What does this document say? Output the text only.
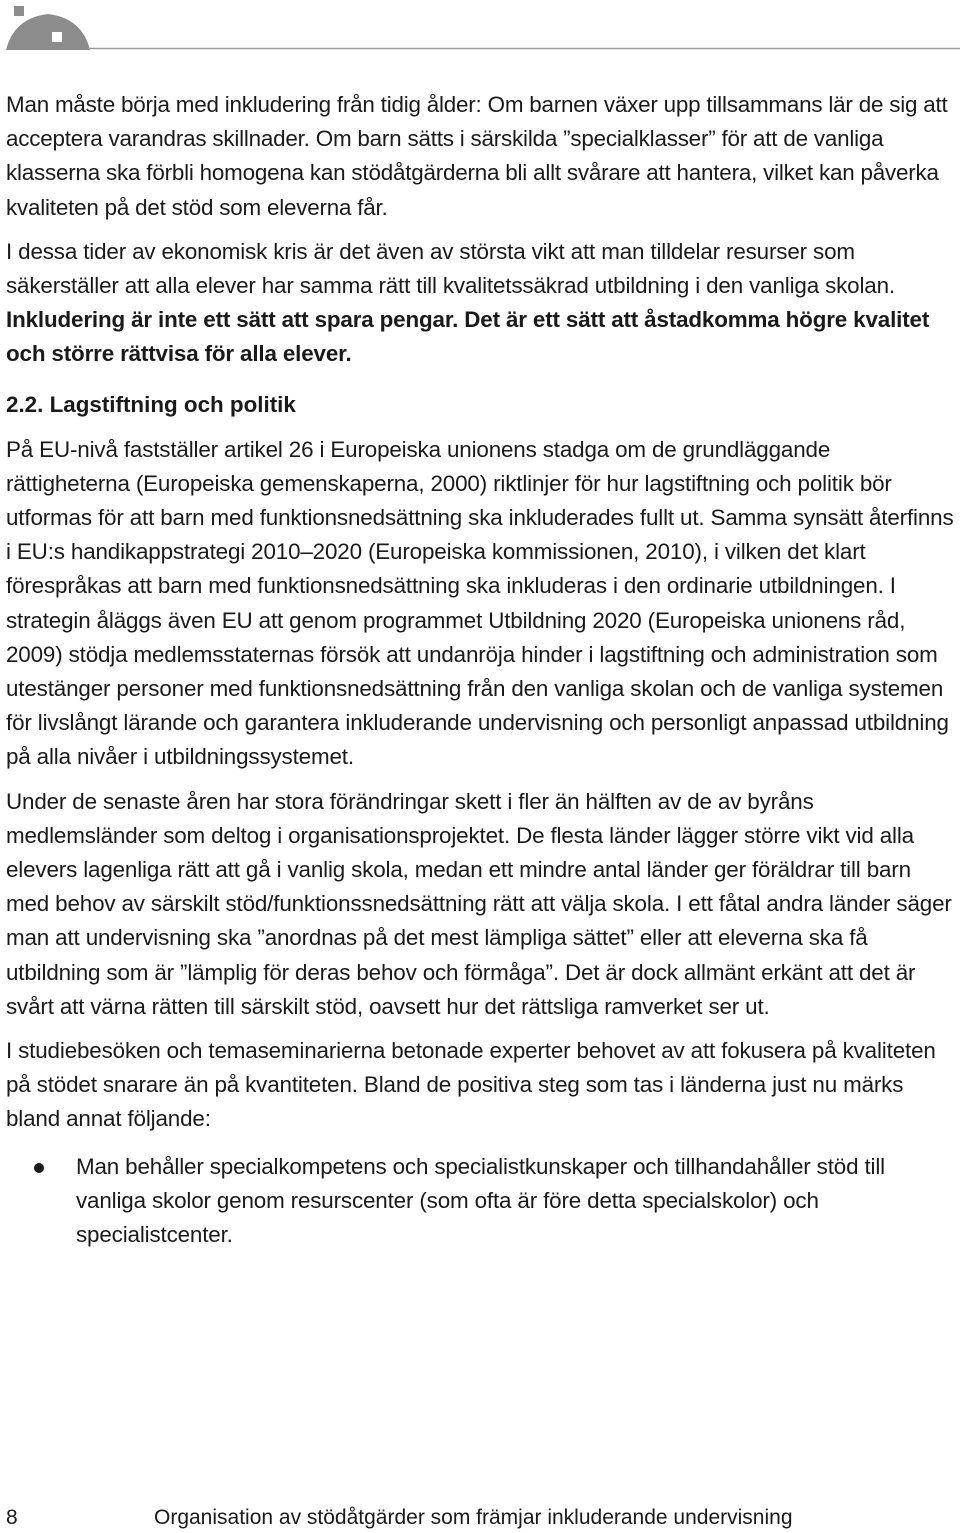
Man måste börja med inkludering från tidig ålder: Om barnen växer upp tillsammans lär de sig att acceptera varandras skillnader. Om barn sätts i särskilda ”specialklasser” för att de vanliga klasserna ska förbli homogena kan stödåtgärderna bli allt svårare att hantera, vilket kan påverka kvaliteten på det stöd som eleverna får.

I dessa tider av ekonomisk kris är det även av största vikt att man tilldelar resurser som säkerställer att alla elever har samma rätt till kvalitetssäkrad utbildning i den vanliga skolan. Inkludering är inte ett sätt att spara pengar. Det är ett sätt att åstadkomma högre kvalitet och större rättvisa för alla elever.

2.2. Lagstiftning och politik

På EU-nivå fastställer artikel 26 i Europeiska unionens stadga om de grundläggande rättigheterna (Europeiska gemenskaperna, 2000) riktlinjer för hur lagstiftning och politik bör utformas för att barn med funktionsnedsättning ska inkluderades fullt ut. Samma synsätt återfinns i EU:s handikappstrategi 2010–2020 (Europeiska kommissionen, 2010), i vilken det klart förespråkas att barn med funktionsnedsättning ska inkluderas i den ordinarie utbildningen. I strategin åläggs även EU att genom programmet Utbildning 2020 (Europeiska unionens råd, 2009) stödja medlemsstaternas försök att undanröja hinder i lagstiftning och administration som utestänger personer med funktionsnedsättning från den vanliga skolan och de vanliga systemen för livslångt lärande och garantera inkluderande undervisning och personligt anpassad utbildning på alla nivåer i utbildningssystemet.

Under de senaste åren har stora förändringar skett i fler än hälften av de av byråns medlemsländer som deltog i organisationsprojektet. De flesta länder lägger större vikt vid alla elevers lagenliga rätt att gå i vanlig skola, medan ett mindre antal länder ger föräldrar till barn med behov av särskilt stöd/funktionssnedsättning rätt att välja skola. I ett fåtal andra länder säger man att undervisning ska ”anordnas på det mest lämpliga sättet” eller att eleverna ska få utbildning som är ”lämplig för deras behov och förmåga”. Det är dock allmänt erkänt att det är svårt att värna rätten till särskilt stöd, oavsett hur det rättsliga ramverket ser ut.

I studiebesöken och temaseminarierna betonade experter behovet av att fokusera på kvaliteten på stödet snarare än på kvantiteten. Bland de positiva steg som tas i länderna just nu märks bland annat följande:

Man behåller specialkompetens och specialistkunskaper och tillhandahåller stöd till vanliga skolor genom resurscenter (som ofta är före detta specialskolor) och specialistcenter.
8	Organisation av stödåtgärder som främjar inkluderande undervisning
